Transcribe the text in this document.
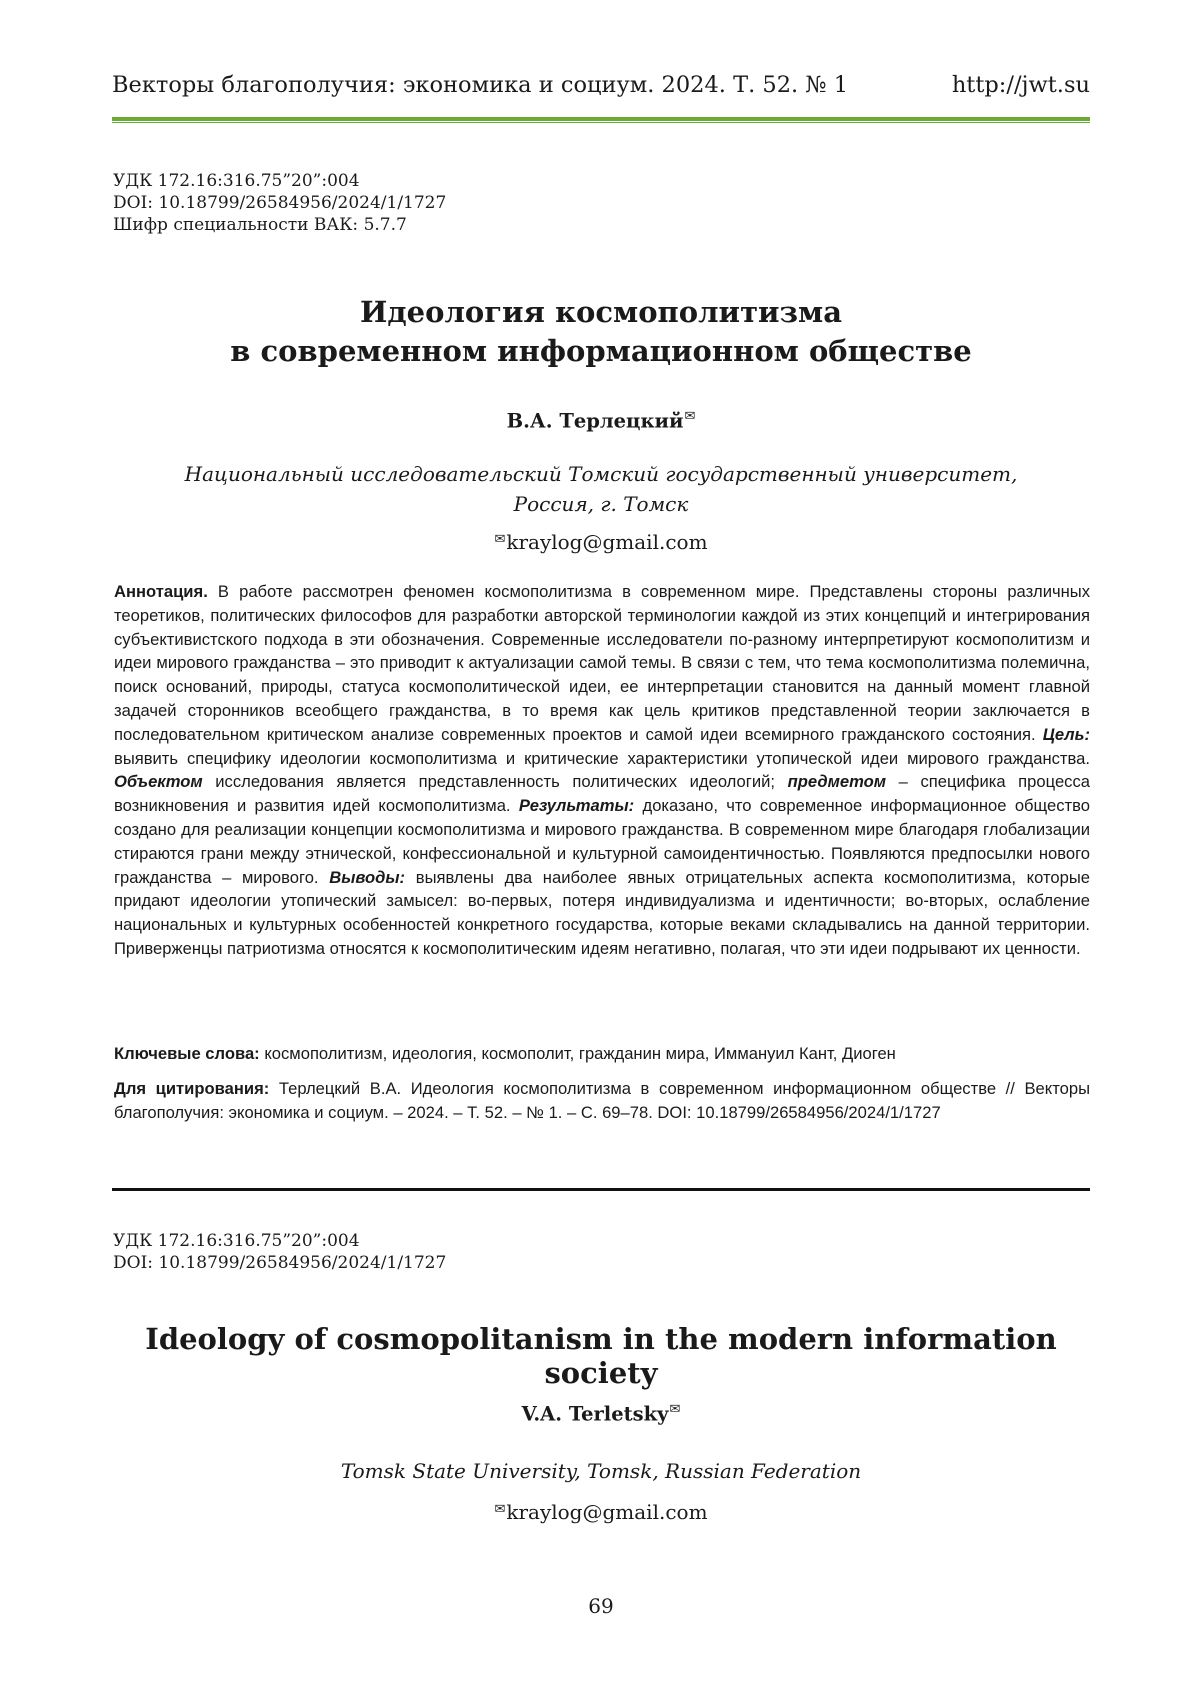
Векторы благополучия: экономика и социум. 2024. Т. 52. № 1	http://jwt.su
УДК 172.16:316.75”20”:004
DOI: 10.18799/26584956/2024/1/1727
Шифр специальности ВАК: 5.7.7
Идеология космополитизма
в современном информационном обществе
В.А. Терлецкий✉
Национальный исследовательский Томский государственный университет,
Россия, г. Томск
✉kraylog@gmail.com

Аннотация. В работе рассмотрен феномен космополитизма в современном мире. Представлены стороны различных теоретиков, политических философов для разработки авторской терминологии каждой из этих концепций и интегрирования субъективистского подхода в эти обозначения. Современные исследователи по-разному интерпретируют космополитизм и идеи мирового гражданства – это приводит к актуализации самой темы. В связи с тем, что тема космополитизма полемична, поиск оснований, природы, статуса космополитической идеи, ее интерпретации становится на данный момент главной задачей сторонников всеобщего гражданства, в то время как цель критиков представленной теории заключается в последовательном критическом анализе современных проектов и самой идеи всемирного гражданского состояния. Цель: выявить специфику идеологии космополитизма и критические характеристики утопической идеи мирового гражданства. Объектом исследования является представленность политических идеологий; предметом – специфика процесса возникновения и развития идей космополитизма. Результаты: доказано, что современное информационное общество создано для реализации концепции космополитизма и мирового гражданства. В современном мире благодаря глобализации стираются грани между этнической, конфессиональной и культурной самоидентичностью. Появляются предпосылки нового гражданства – мирового. Выводы: выявлены два наиболее явных отрицательных аспекта космополитизма, которые придают идеологии утопический замысел: во-первых, потеря индивидуализма и идентичности; во-вторых, ослабление национальных и культурных особенностей конкретного государства, которые веками складывались на данной территории. Приверженцы патриотизма относятся к космополитическим идеям негативно, полагая, что эти идеи подрывают их ценности.

Ключевые слова: космополитизм, идеология, космополит, гражданин мира, Иммануил Кант, Диоген
Для цитирования: Терлецкий В.А. Идеология космополитизма в современном информационном обществе // Векторы благополучия: экономика и социум. – 2024. – Т. 52. – № 1. – С. 69–78. DOI: 10.18799/26584956/2024/1/1727
УДК 172.16:316.75”20”:004
DOI: 10.18799/26584956/2024/1/1727
Ideology of cosmopolitanism in the modern information society
V.A. Terletsky✉
Tomsk State University, Tomsk, Russian Federation
✉kraylog@gmail.com
69
